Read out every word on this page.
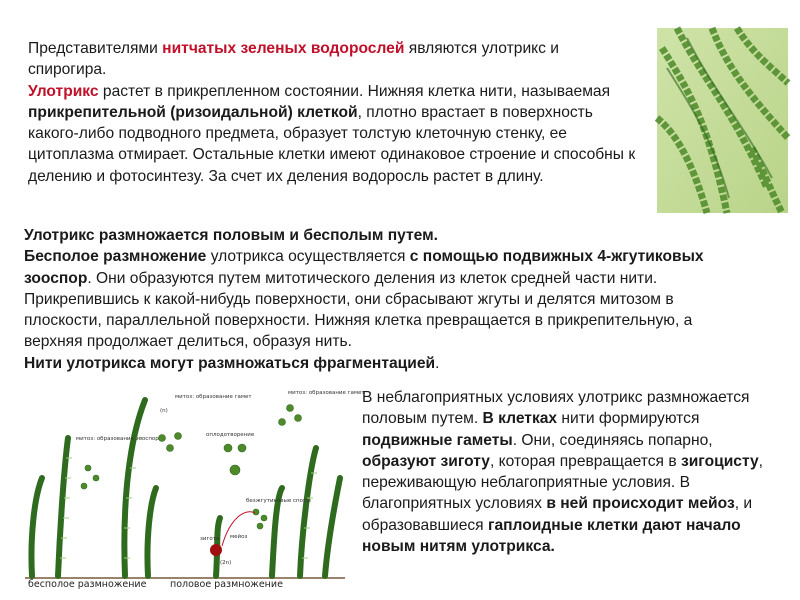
Представителями нитчатых зеленых водорослей являются улотрикс и спирогира.
Улотрикс растет в прикрепленном состоянии. Нижняя клетка нити, называемая прикрепительной (ризоидальной) клеткой, плотно врастает в поверхность какого-либо подводного предмета, образует толстую клеточную стенку, ее цитоплазма отмирает. Остальные клетки имеют одинаковое строение и способны к делению и фотосинтезу. За счет их деления водоросль растет в длину.
Улотрикс размножается половым и бесполым путем.
Бесполое размножение улотрикса осуществляется с помощью подвижных 4-жгутиковых зооспор. Они образуются путем митотического деления из клеток средней части нити. Прикрепившись к какой-нибудь поверхности, они сбрасывают жгуты и делятся митозом в плоскости, параллельной поверхности. Нижняя клетка превращается в прикрепительную, а верхняя продолжает делиться, образуя нить.
Нити улотрикса могут размножаться фрагментацией.
митоз: образование гамет
митоз: образование гамет
митоз: образование зооспор
оплодотворение
безжгутиковые споры
зигота мейоз
(n)
(2n)
бесполое размножение половое размножение
В неблагоприятных условиях улотрикс размножается половым путем. В клетках нити формируются подвижные гаметы. Они, соединяясь попарно, образуют зиготу, которая превращается в зигоцисту, переживающую неблагоприятные условия. В благоприятных условиях в ней происходит мейоз, и образовавшиеся гаплоидные клетки дают начало новым нитям улотрикса.
